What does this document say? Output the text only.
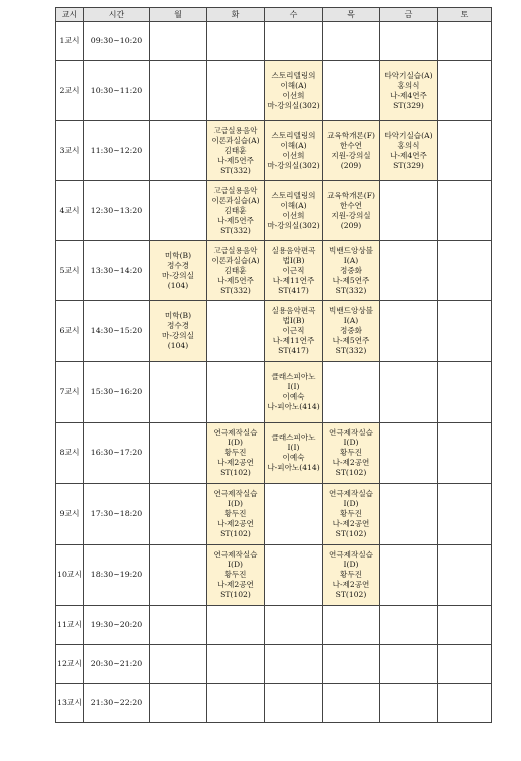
교시	시간	월	화	수	목	금	토
1교시	09:30~10:20						
2교시	10:30~11:20			스토리텔링의
이해(A)
이선희
마-강의실(302)		타악기실습(A)
홍의식
나-제4연주
ST(329)	

3교시	11:30~12:20		고급실용음악
이론과실습(A)
김태훈
나-제5연주
ST(332)	스토리텔링의
이해(A)
이선희
마-강의실(302)	교육학개론(F)
한수연
지원-강의실
(209)	타악기실습(A)
홍의식
나-제4연주
ST(329)	

4교시	12:30~13:20		고급실용음악
이론과실습(A)
김태훈
나-제5연주
ST(332)	스토리텔링의
이해(A)
이선희
마-강의실(302)	교육학개론(F)
한수연
지원-강의실
(209)		

5교시	13:30~14:20	미학(B)
정수경
마-강의실
(104)	고급실용음악
이론과실습(A)
김태훈
나-제5연주
ST(332)	실용음악편곡
법I(B)
이근직
나-제11연주
ST(417)	빅밴드앙상블
I(A)
정중화
나-제5연주
ST(332)		

6교시	14:30~15:20	미학(B)
정수경
마-강의실
(104)		실용음악편곡
법I(B)
이근직
나-제11연주
ST(417)	빅밴드앙상블
I(A)
정중화
나-제5연주
ST(332)		

7교시	15:30~16:20			클래스피아노
I(I)
이예숙
나-피아노(414)			

8교시	16:30~17:20		연극제작실습
I(D)
황두진
나-제2공연
ST(102)	클래스피아노
I(I)
이예숙
나-피아노(414)	연극제작실습
I(D)
황두진
나-제2공연
ST(102)		

9교시	17:30~18:20		연극제작실습
I(D)
황두진
나-제2공연
ST(102)		연극제작실습
I(D)
황두진
나-제2공연
ST(102)		

10교시	18:30~19:20		연극제작실습
I(D)
황두진
나-제2공연
ST(102)		연극제작실습
I(D)
황두진
나-제2공연
ST(102)		

11교시	19:30~20:20						
12교시	20:30~21:20						
13교시	21:30~22:20						
